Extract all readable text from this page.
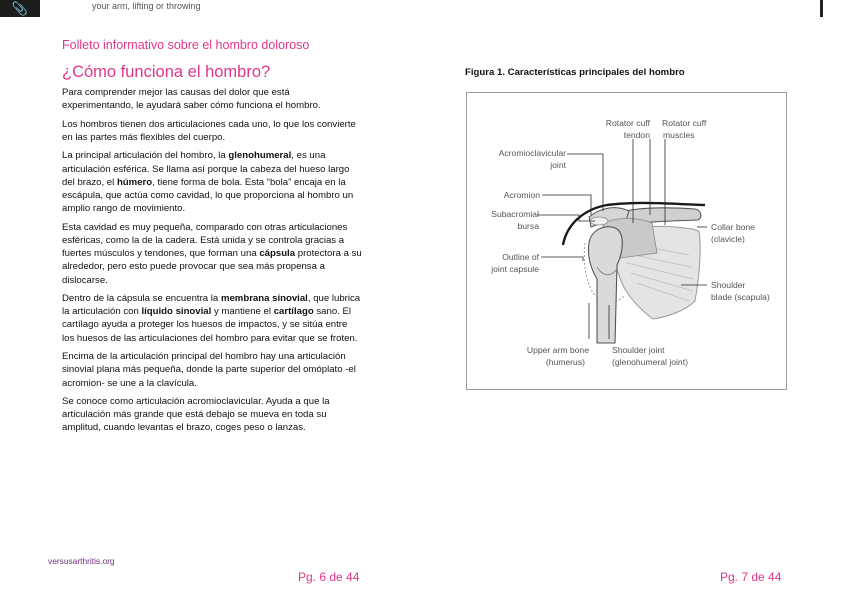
📎	your arm, lifting or throwing
Folleto informativo sobre el hombro doloroso
¿Cómo funciona el hombro?

Para comprender mejor las causas del dolor que está experimentando, le ayudará saber cómo funciona el hombro.

Los hombros tienen dos articulaciones cada uno, lo que los convierte en las partes más flexibles del cuerpo.

La principal articulación del hombro, la glenohumeral, es una articulación esférica. Se llama así porque la cabeza del hueso largo del brazo, el húmero, tiene forma de bola. Esta “bola” encaja en la escápula, que actúa como cavidad, lo que proporciona al hombro un amplio rango de movimiento.

Esta cavidad es muy pequeña, comparado con otras articulaciones esféricas, como la de la cadera. Está unida y se controla gracias a fuertes músculos y tendones, que forman una cápsula protectora a su alrededor, pero esto puede provocar que sea más propensa a dislocarse.

Dentro de la cápsula se encuentra la membrana sinovial, que lubrica la articulación con líquido sinovial y mantiene el cartílago sano. El cartílago ayuda a proteger los huesos de impactos, y se sitúa entre los huesos de las articulaciones del hombro para evitar que se froten.

Encima de la articulación principal del hombro hay una articulación sinovial plana más pequeña, donde la parte superior del omóplato -el acromion- se une a la clavícula.

Se conoce como articulación acromioclavicular. Ayuda a que la articulación más grande que está debajo se mueva en toda su amplitud, cuando levantas el brazo, coges peso o lanzas.

Figura 1. Características principales del hombro
Rotator cuff
tendon
Rotator cuff
muscles
Acromioclavicular
joint
Acromion
Subacromial
bursa
Outline of
joint capsule
Collar bone
(clavicle)
Shoulder
blade (scapula)
Upper arm bone
(humerus)
Shoulder joint
(glenohumeral joint)
versusarthritis.org
Pg. 6 de 44	Pg. 7 de 44
